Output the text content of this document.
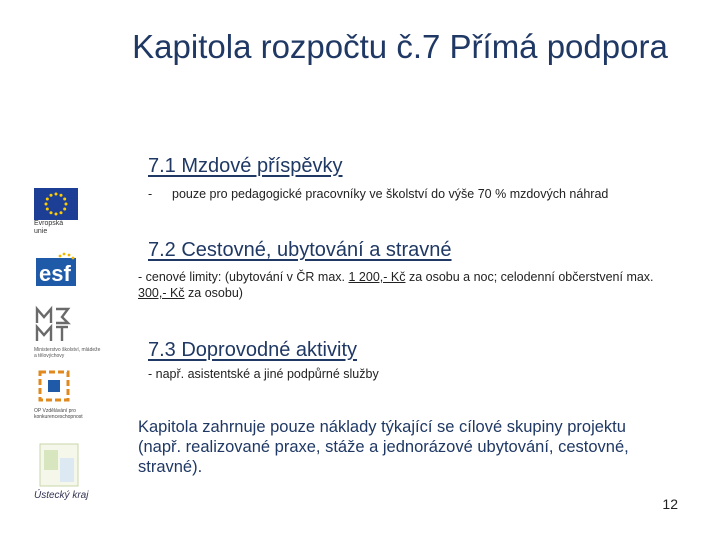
Kapitola rozpočtu č.7 Přímá podpora
7.1 Mzdové příspěvky
- pouze pro pedagogické pracovníky ve školství do výše 70 % mzdových náhrad
7.2 Cestovné, ubytování a stravné
- cenové limity: (ubytování v ČR max. 1 200,- Kč za osobu a noc; celodenní občerstvení max. 300,- Kč za osobu)
7.3 Doprovodné aktivity
- např. asistentské a jiné podpůrné služby
Kapitola zahrnuje pouze náklady týkající se cílové skupiny projektu (např. realizované praxe, stáže a jednorázové ubytování, cestovné, stravné).
12
Evropská unie
esf
Ministerstvo školství, mládeže a tělovýchovy
OP Vzdělávání pro konkurenceschopnost
Ústecký kraj
